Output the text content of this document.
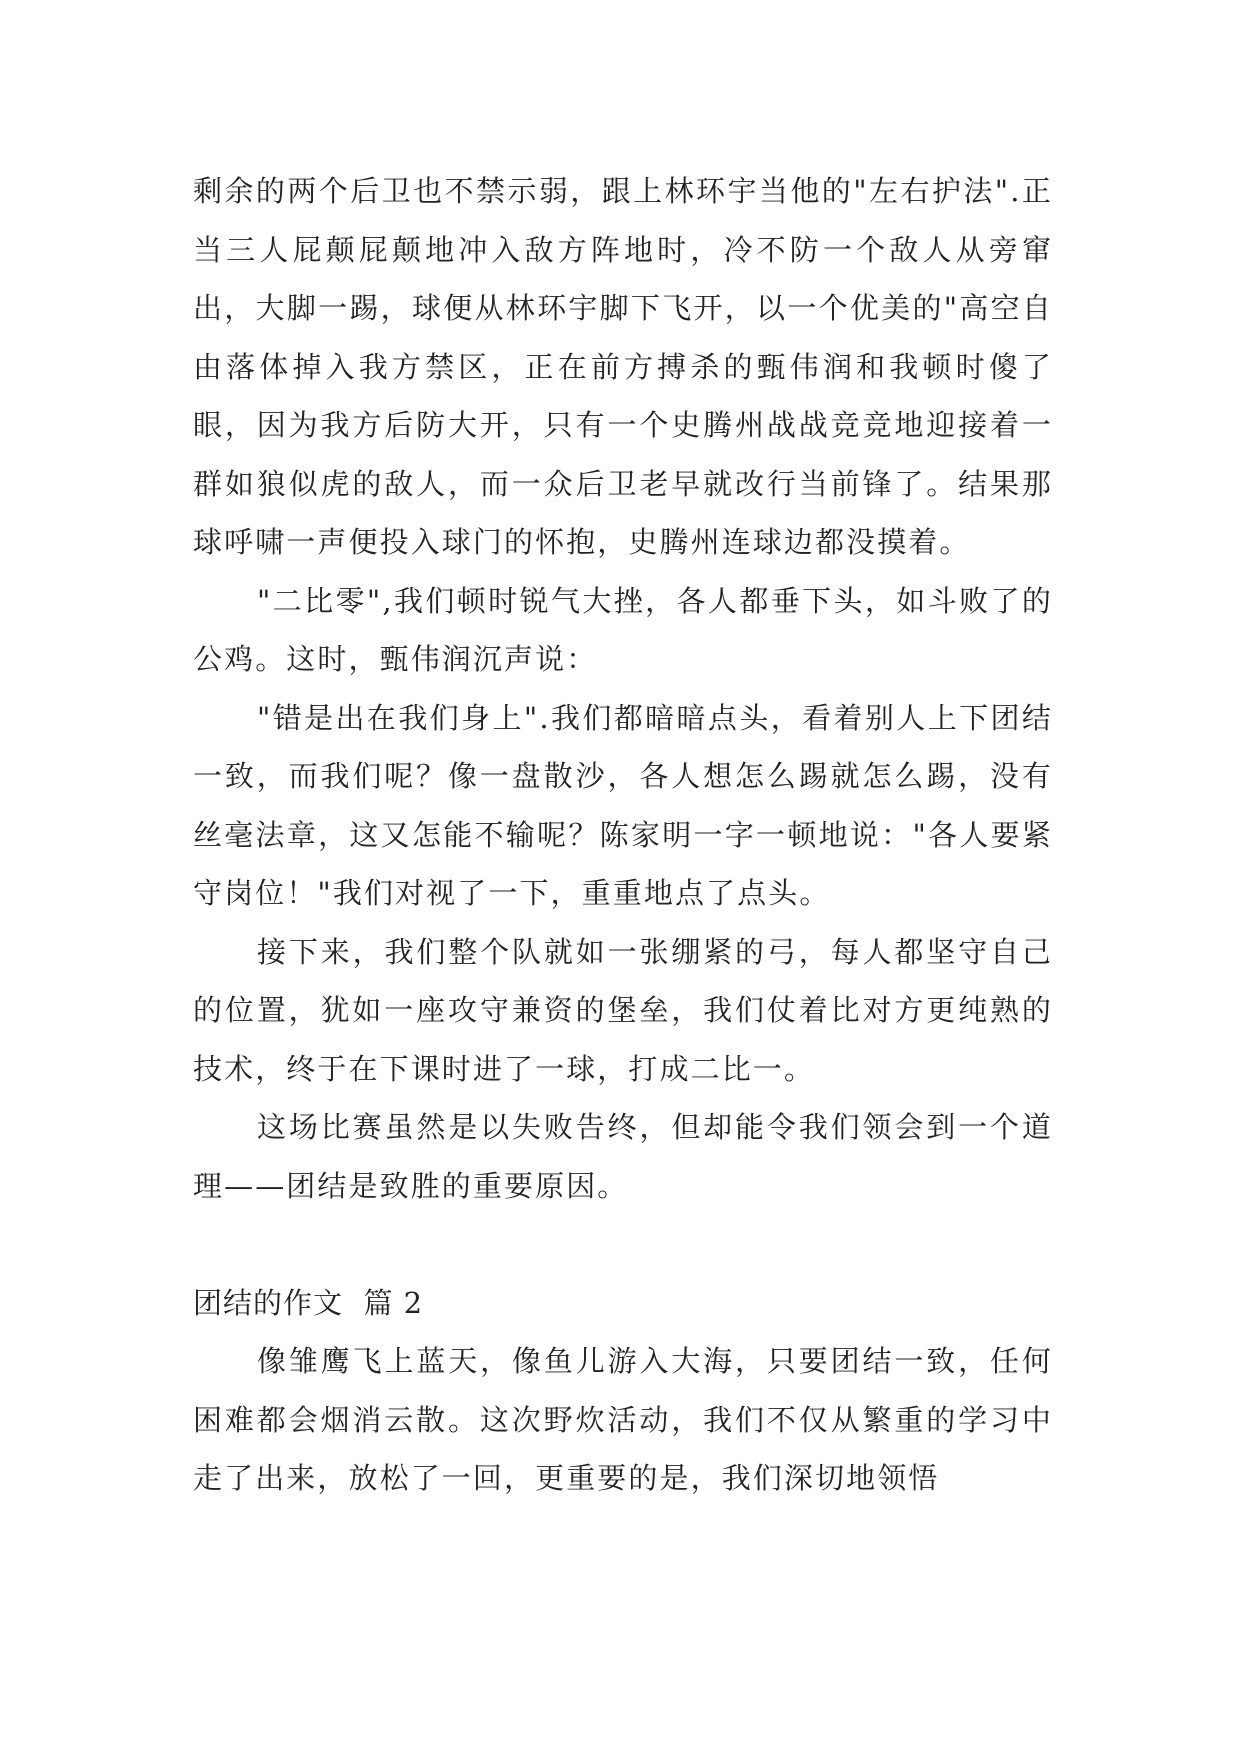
剩余的两个后卫也不禁示弱，跟上林环宇当他的"左右护法".正当三人屁颠屁颠地冲入敌方阵地时，冷不防一个敌人从旁窜出，大脚一踢，球便从林环宇脚下飞开，以一个优美的"高空自由落体掉入我方禁区，正在前方搏杀的甄伟润和我顿时傻了眼，因为我方后防大开，只有一个史腾州战战竞竞地迎接着一群如狼似虎的敌人，而一众后卫老早就改行当前锋了。结果那球呼啸一声便投入球门的怀抱，史腾州连球边都没摸着。

"二比零",我们顿时锐气大挫，各人都垂下头，如斗败了的公鸡。这时，甄伟润沉声说：

"错是出在我们身上".我们都暗暗点头，看着别人上下团结一致，而我们呢？像一盘散沙，各人想怎么踢就怎么踢，没有丝毫法章，这又怎能不输呢？陈家明一字一顿地说："各人要紧守岗位！"我们对视了一下，重重地点了点头。

接下来，我们整个队就如一张绷紧的弓，每人都坚守自己的位置，犹如一座攻守兼资的堡垒，我们仗着比对方更纯熟的技术，终于在下课时进了一球，打成二比一。

这场比赛虽然是以失败告终，但却能令我们领会到一个道理——团结是致胜的重要原因。

团结的作文 篇 2

像雏鹰飞上蓝天，像鱼儿游入大海，只要团结一致，任何困难都会烟消云散。这次野炊活动，我们不仅从繁重的学习中走了出来，放松了一回，更重要的是，我们深切地领悟
